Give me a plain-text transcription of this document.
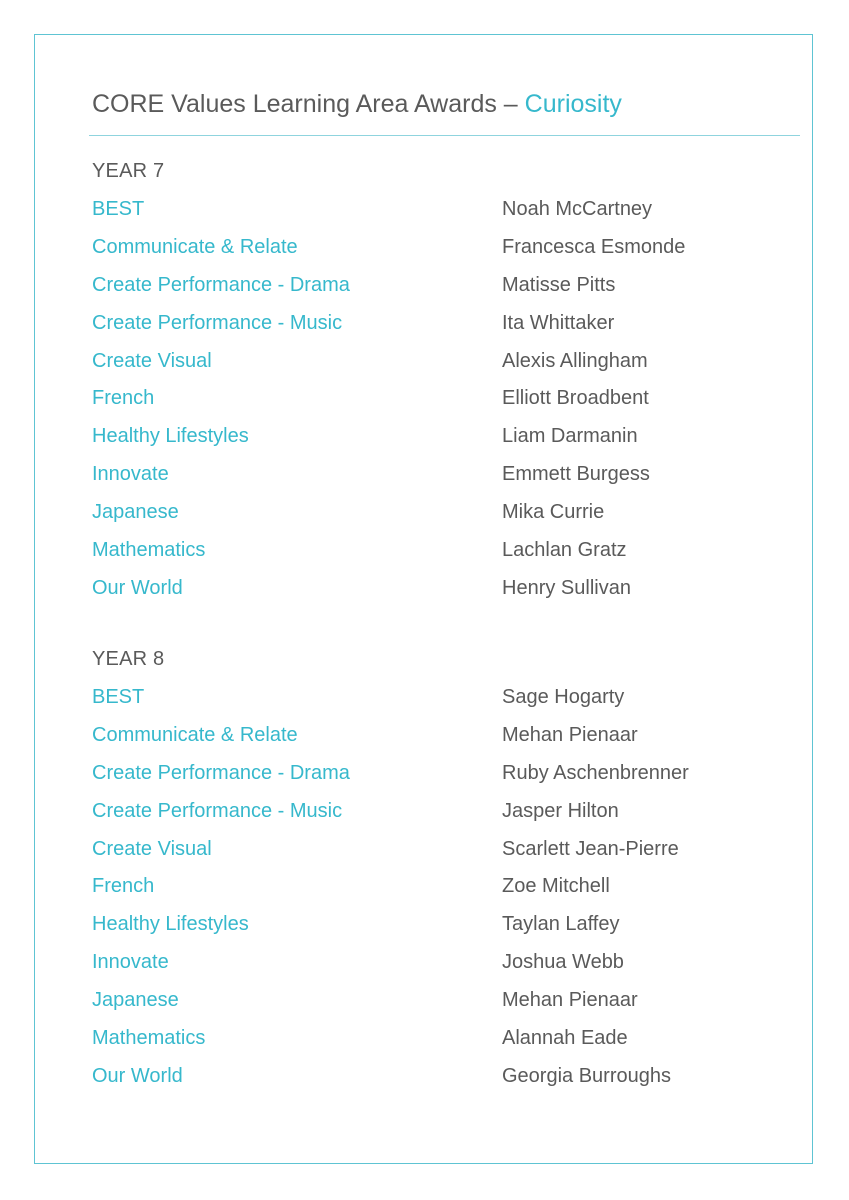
CORE Values Learning Area Awards – Curiosity
YEAR 7
BEST	Noah McCartney
Communicate & Relate	Francesca Esmonde
Create Performance - Drama	Matisse Pitts
Create Performance - Music	Ita Whittaker
Create Visual	Alexis Allingham
French	Elliott Broadbent
Healthy Lifestyles	Liam Darmanin
Innovate	Emmett Burgess
Japanese	Mika Currie
Mathematics	Lachlan Gratz
Our World	Henry Sullivan
YEAR 8
BEST	Sage Hogarty
Communicate & Relate	Mehan Pienaar
Create Performance - Drama	Ruby Aschenbrenner
Create Performance - Music	Jasper Hilton
Create Visual	Scarlett Jean-Pierre
French	Zoe Mitchell
Healthy Lifestyles	Taylan Laffey
Innovate	Joshua Webb
Japanese	Mehan Pienaar
Mathematics	Alannah Eade
Our World	Georgia Burroughs
